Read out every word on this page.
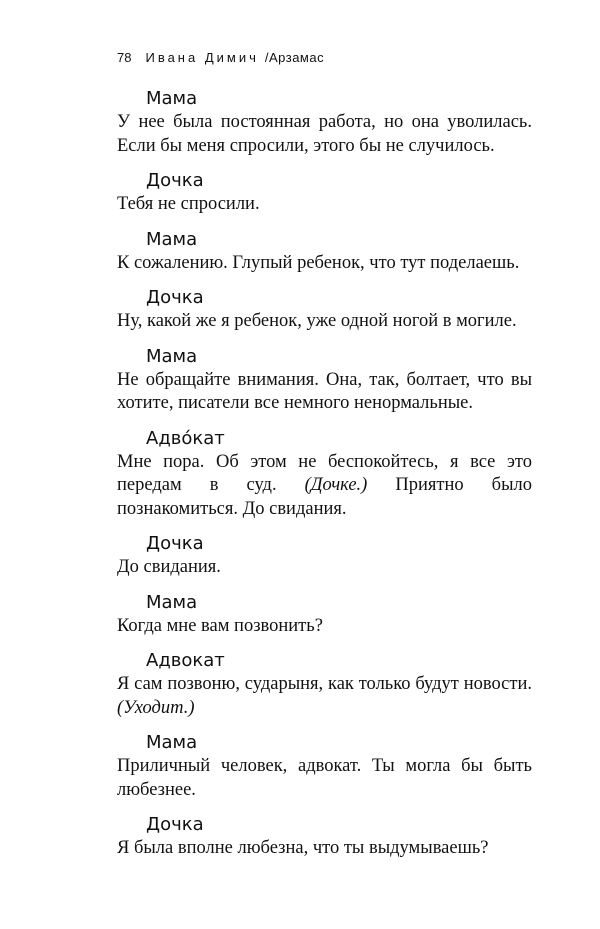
78 Ивана Димич /Арзамас
Мама
У нее была постоянная работа, но она уволилась. Если бы меня спросили, этого бы не случилось.
Дочка
Тебя не спросили.
Мама
К сожалению. Глупый ребенок, что тут поделаешь.
Дочка
Ну, какой же я ребенок, уже одной ногой в могиле.
Мама
Не обращайте внимания. Она, так, болтает, что вы хотите, писатели все немного ненормальные.
Адво́кат
Мне пора. Об этом не беспокойтесь, я все это передам в суд. (Дочке.) Приятно было познакомиться. До свидания.
Дочка
До свидания.
Мама
Когда мне вам позвонить?
Адвокат
Я сам позвоню, сударыня, как только будут новости. (Уходит.)
Мама
Приличный человек, адвокат. Ты могла бы быть любезнее.
Дочка
Я была вполне любезна, что ты выдумываешь?
